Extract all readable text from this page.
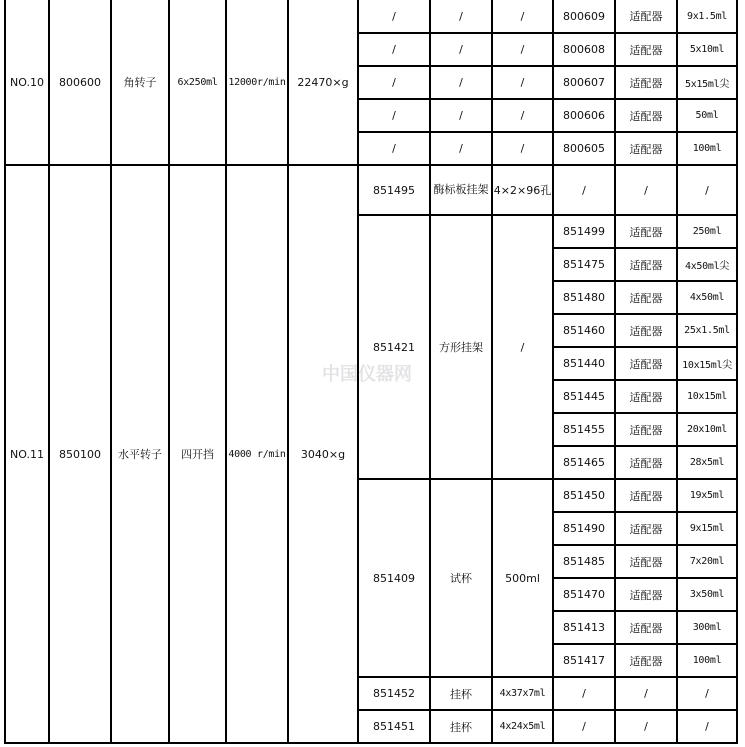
NO.10	800600	角转子	6x250ml	12000r/min	22470×g	/	/	/	800609	适配器	9x1.5ml
						/	/	/	800608	适配器	5x10ml
						/	/	/	800607	适配器	5x15ml尖
						/	/	/	800606	适配器	50ml
						/	/	/	800605	适配器	100ml
NO.11	850100	水平转子	四开挡	4000 r/min	3040×g	851495	酶标板挂架	4×2×96孔	/	/	/
						851421	方形挂架	/	851499	适配器	250ml
									851475	适配器	4x50ml尖
									851480	适配器	4x50ml
									851460	适配器	25x1.5ml
									851440	适配器	10x15ml尖
									851445	适配器	10x15ml
									851455	适配器	20x10ml
									851465	适配器	28x5ml
						851409	试杯	500ml	851450	适配器	19x5ml
									851490	适配器	9x15ml
									851485	适配器	7x20ml
									851470	适配器	3x50ml
									851413	适配器	300ml
									851417	适配器	100ml
						851452	挂杯	4x37x7ml	/	/	/
						851451	挂杯	4x24x5ml	/	/	/
中国仪器网
